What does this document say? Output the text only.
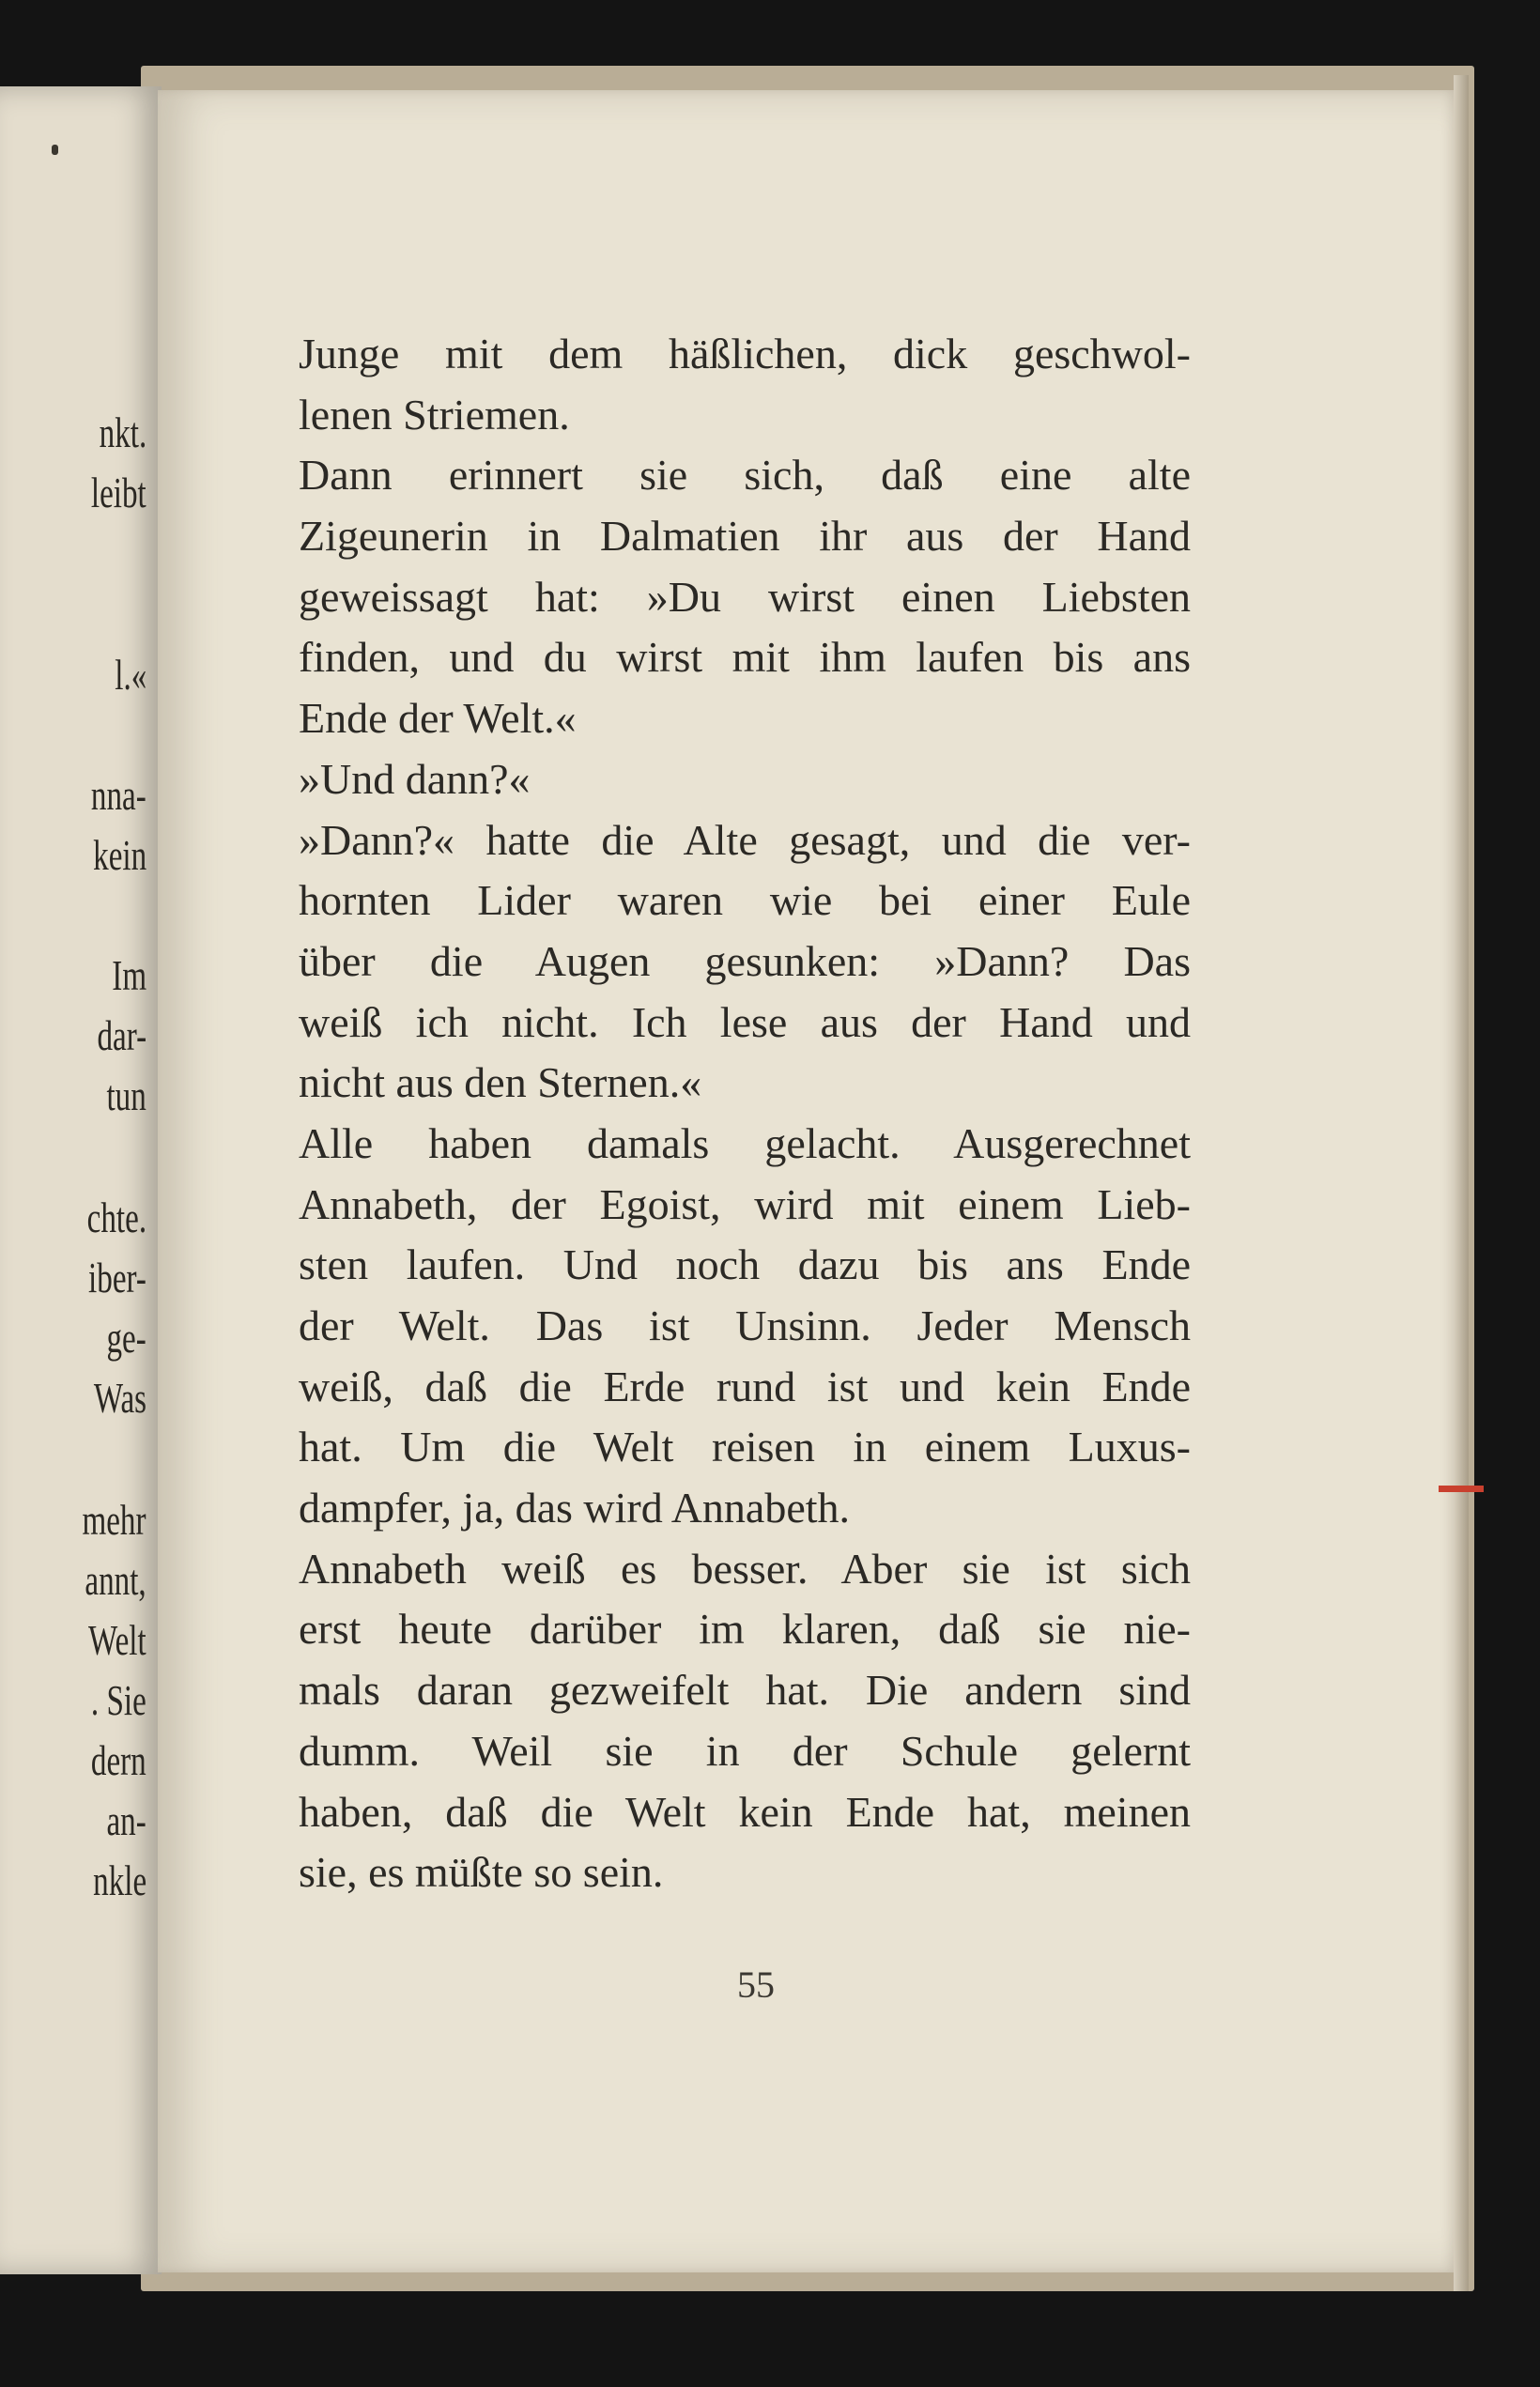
nkt.
leibt
l.«
nna-
kein
Im
dar-
tun
chte.
iber-
ge-
Was
mehr
annt,
Welt
. Sie
dern
an-
nkle
Junge mit dem häßlichen, dick geschwol-
lenen Striemen.
Dann erinnert sie sich, daß eine alte
Zigeunerin in Dalmatien ihr aus der Hand
geweissagt hat: »Du wirst einen Liebsten
finden, und du wirst mit ihm laufen bis ans
Ende der Welt.«
»Und dann?«
»Dann?« hatte die Alte gesagt, und die ver-
hornten Lider waren wie bei einer Eule
über die Augen gesunken: »Dann? Das
weiß ich nicht. Ich lese aus der Hand und
nicht aus den Sternen.«
Alle haben damals gelacht. Ausgerechnet
Annabeth, der Egoist, wird mit einem Lieb-
sten laufen. Und noch dazu bis ans Ende
der Welt. Das ist Unsinn. Jeder Mensch
weiß, daß die Erde rund ist und kein Ende
hat. Um die Welt reisen in einem Luxus-
dampfer, ja, das wird Annabeth.
Annabeth weiß es besser. Aber sie ist sich
erst heute darüber im klaren, daß sie nie-
mals daran gezweifelt hat. Die andern sind
dumm. Weil sie in der Schule gelernt
haben, daß die Welt kein Ende hat, meinen
sie, es müßte so sein.
55
